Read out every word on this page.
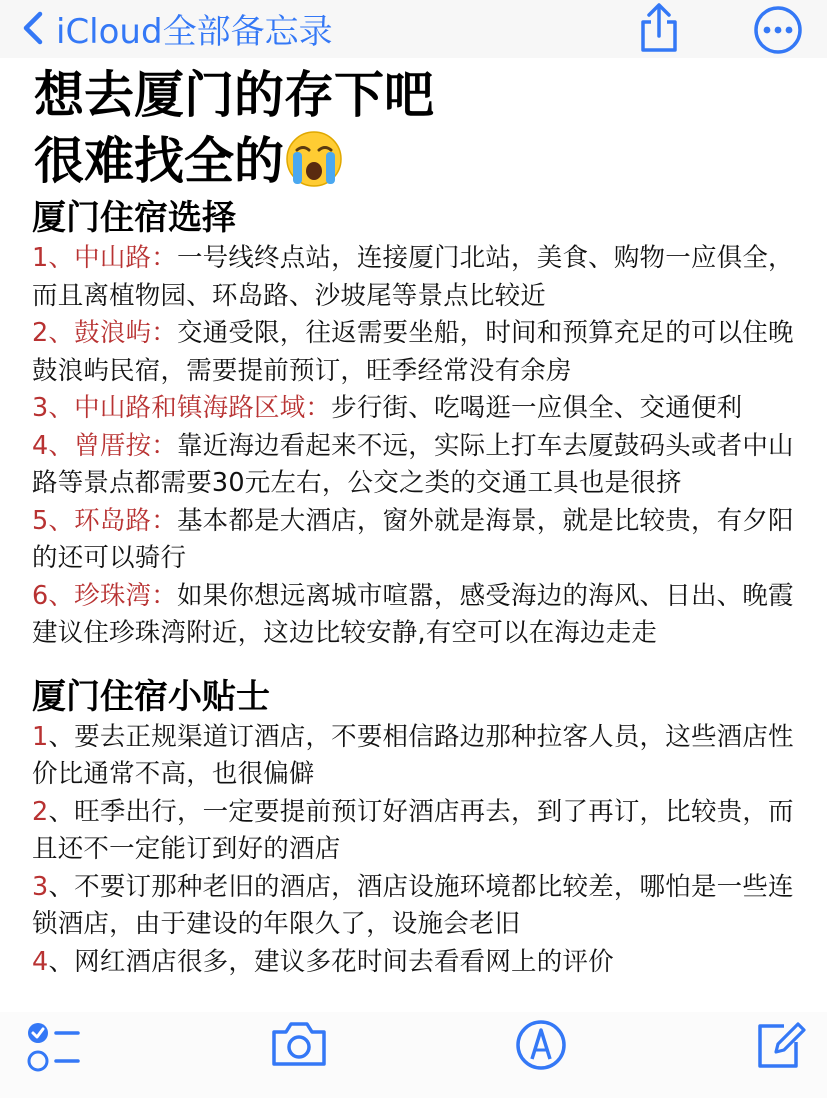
iCloud全部备忘录
想去厦门的存下吧
很难找全的
厦门住宿选择
1、中山路：一号线终点站，连接厦门北站，美食、购物一应俱全，而且离植物园、环岛路、沙坡尾等景点比较近
2、鼓浪屿：交通受限，往返需要坐船，时间和预算充足的可以住晚鼓浪屿民宿，需要提前预订，旺季经常没有余房
3、中山路和镇海路区域：步行街、吃喝逛一应俱全、交通便利
4、曾厝按：靠近海边看起来不远，实际上打车去厦鼓码头或者中山路等景点都需要30元左右，公交之类的交通工具也是很挤
5、环岛路：基本都是大酒店，窗外就是海景，就是比较贵，有夕阳的还可以骑行
6、珍珠湾：如果你想远离城市喧嚣，感受海边的海风、日出、晚霞建议住珍珠湾附近，这边比较安静,有空可以在海边走走
厦门住宿小贴士
1、要去正规渠道订酒店，不要相信路边那种拉客人员，这些酒店性价比通常不高，也很偏僻
2、旺季出行，一定要提前预订好酒店再去，到了再订，比较贵，而且还不一定能订到好的酒店
3、不要订那种老旧的酒店，酒店设施环境都比较差，哪怕是一些连锁酒店，由于建设的年限久了，设施会老旧
4、网红酒店很多，建议多花时间去看看网上的评价
